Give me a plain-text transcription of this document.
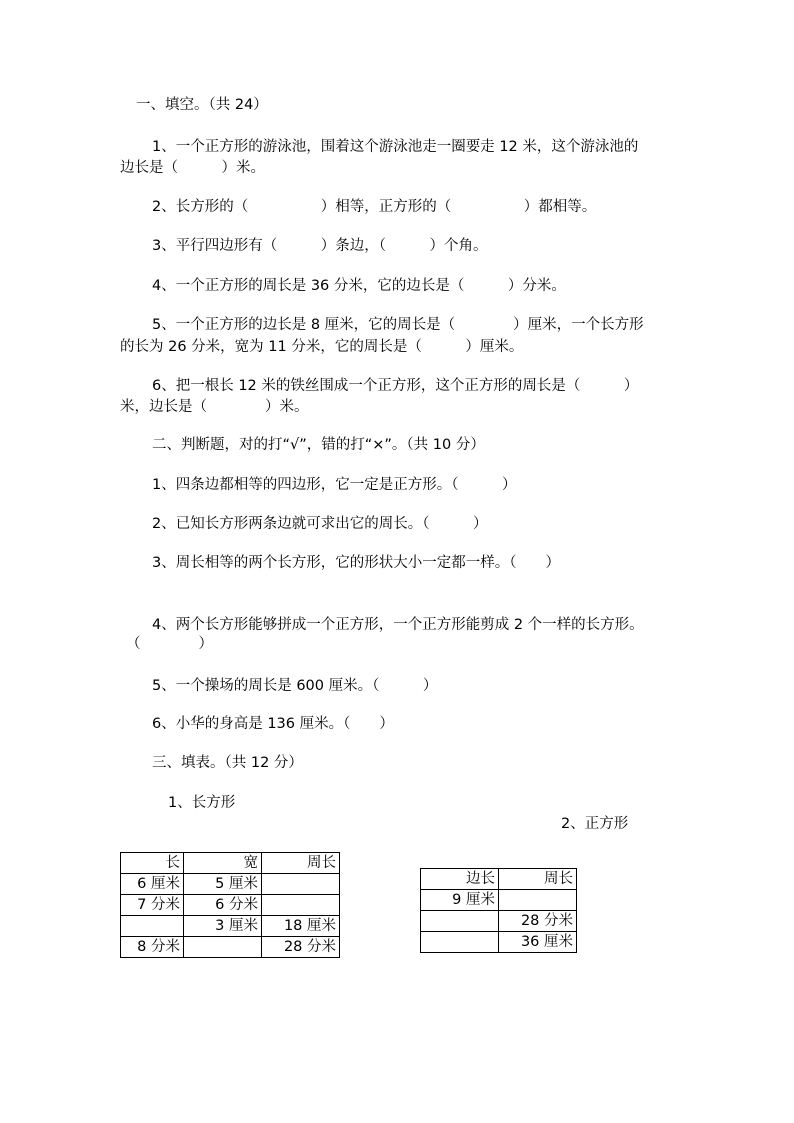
一、填空。（共 24）
1、一个正方形的游泳池，围着这个游泳池走一圈要走 12 米，这个游泳池的
边长是（　　　）米。
2、长方形的（　　　　　）相等，正方形的（　　　　　）都相等。
3、平行四边形有（　　　）条边，（　　　）个角。
4、一个正方形的周长是 36 分米，它的边长是（　　　）分米。
5、一个正方形的边长是 8 厘米，它的周长是（　　　　）厘米，一个长方形
的长为 26 分米，宽为 11 分米，它的周长是（　　　）厘米。
6、把一根长 12 米的铁丝围成一个正方形，这个正方形的周长是（　　　）
米，边长是（　　　　）米。
二、判断题，对的打“√”，错的打“×”。（共 10 分）
1、四条边都相等的四边形，它一定是正方形。（　　　）
2、已知长方形两条边就可求出它的周长。（　　　）
3、周长相等的两个长方形，它的形状大小一定都一样。（　　）
4、两个长方形能够拼成一个正方形，一个正方形能剪成 2 个一样的长方形。
（　　　　）
5、一个操场的周长是 600 厘米。（　　　）
6、小华的身高是 136 厘米。（　　）
三、填表。（共 12 分）
1、长方形
2、正方形
长	宽	周长
6 厘米	5 厘米	
7 分米	6 分米	
	3 厘米	18 厘米
8 分米		28 分米
边长	周长
9 厘米	
	28 分米
	36 厘米
